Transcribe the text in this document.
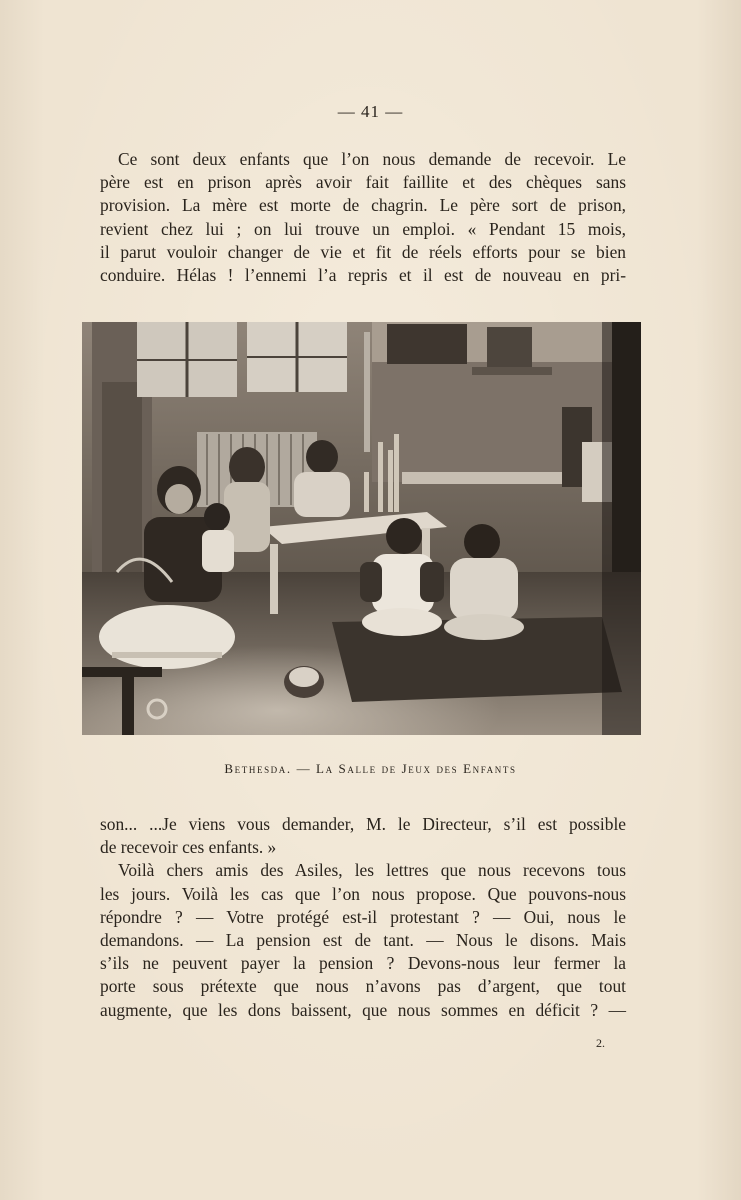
— 41 —
Ce sont deux enfants que l’on nous demande de recevoir. Le
père est en prison après avoir fait faillite et des chèques sans
provision. La mère est morte de chagrin. Le père sort de prison,
revient chez lui ; on lui trouve un emploi. « Pendant 15 mois,
il parut vouloir changer de vie et fit de réels efforts pour se bien
conduire. Hélas ! l’ennemi l’a repris et il est de nouveau en pri-
Bethesda. — La Salle de Jeux des Enfants
son... ...Je viens vous demander, M. le Directeur, s’il est possible
de recevoir ces enfants. »
Voilà chers amis des Asiles, les lettres que nous recevons tous
les jours. Voilà les cas que l’on nous propose. Que pouvons-nous
répondre ? — Votre protégé est-il protestant ? — Oui, nous le
demandons. — La pension est de tant. — Nous le disons. Mais
s’ils ne peuvent payer la pension ? Devons-nous leur fermer la
porte sous prétexte que nous n’avons pas d’argent, que tout
augmente, que les dons baissent, que nous sommes en déficit ? —
2.
